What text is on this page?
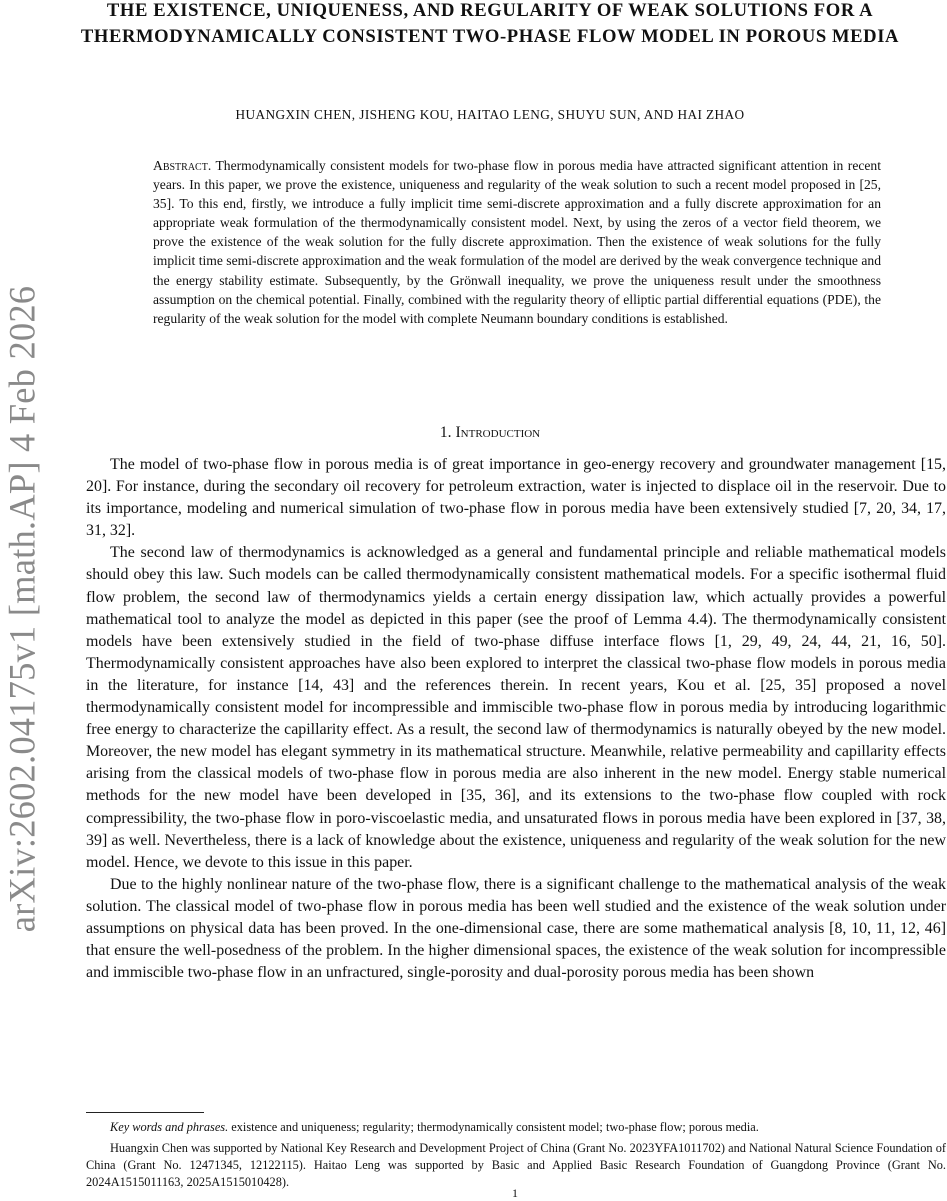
arXiv:2602.04175v1 [math.AP] 4 Feb 2026
THE EXISTENCE, UNIQUENESS, AND REGULARITY OF WEAK SOLUTIONS FOR A THERMODYNAMICALLY CONSISTENT TWO-PHASE FLOW MODEL IN POROUS MEDIA
HUANGXIN CHEN, JISHENG KOU, HAITAO LENG, SHUYU SUN, AND HAI ZHAO

Abstract. Thermodynamically consistent models for two-phase flow in porous media have attracted significant attention in recent years. In this paper, we prove the existence, uniqueness and regularity of the weak solution to such a recent model proposed in [25, 35]. To this end, firstly, we introduce a fully implicit time semi-discrete approximation and a fully discrete approximation for an appropriate weak formulation of the thermodynamically consistent model. Next, by using the zeros of a vector field theorem, we prove the existence of the weak solution for the fully discrete approximation. Then the existence of weak solutions for the fully implicit time semi-discrete approximation and the weak formulation of the model are derived by the weak convergence technique and the energy stability estimate. Subsequently, by the Grönwall inequality, we prove the uniqueness result under the smoothness assumption on the chemical potential. Finally, combined with the regularity theory of elliptic partial differential equations (PDE), the regularity of the weak solution for the model with complete Neumann boundary conditions is established.

1. Introduction

The model of two-phase flow in porous media is of great importance in geo-energy recovery and groundwater management [15, 20]. For instance, during the secondary oil recovery for petroleum extraction, water is injected to displace oil in the reservoir. Due to its importance, modeling and numerical simulation of two-phase flow in porous media have been extensively studied [7, 20, 34, 17, 31, 32].

The second law of thermodynamics is acknowledged as a general and fundamental principle and reliable mathematical models should obey this law. Such models can be called thermodynamically consistent mathematical models. For a specific isothermal fluid flow problem, the second law of thermodynamics yields a certain energy dissipation law, which actually provides a powerful mathematical tool to analyze the model as depicted in this paper (see the proof of Lemma 4.4). The thermodynamically consistent models have been extensively studied in the field of two-phase diffuse interface flows [1, 29, 49, 24, 44, 21, 16, 50]. Thermodynamically consistent approaches have also been explored to interpret the classical two-phase flow models in porous media in the literature, for instance [14, 43] and the references therein. In recent years, Kou et al. [25, 35] proposed a novel thermodynamically consistent model for incompressible and immiscible two-phase flow in porous media by introducing logarithmic free energy to characterize the capillarity effect. As a result, the second law of thermodynamics is naturally obeyed by the new model. Moreover, the new model has elegant symmetry in its mathematical structure. Meanwhile, relative permeability and capillarity effects arising from the classical models of two-phase flow in porous media are also inherent in the new model. Energy stable numerical methods for the new model have been developed in [35, 36], and its extensions to the two-phase flow coupled with rock compressibility, the two-phase flow in poro-viscoelastic media, and unsaturated flows in porous media have been explored in [37, 38, 39] as well. Nevertheless, there is a lack of knowledge about the existence, uniqueness and regularity of the weak solution for the new model. Hence, we devote to this issue in this paper.

Due to the highly nonlinear nature of the two-phase flow, there is a significant challenge to the mathematical analysis of the weak solution. The classical model of two-phase flow in porous media has been well studied and the existence of the weak solution under assumptions on physical data has been proved. In the one-dimensional case, there are some mathematical analysis [8, 10, 11, 12, 46] that ensure the well-posedness of the problem. In the higher dimensional spaces, the existence of the weak solution for incompressible and immiscible two-phase flow in an unfractured, single-porosity and dual-porosity porous media has been shown

Key words and phrases. existence and uniqueness; regularity; thermodynamically consistent model; two-phase flow; porous media.

Huangxin Chen was supported by National Key Research and Development Project of China (Grant No. 2023YFA1011702) and National Natural Science Foundation of China (Grant No. 12471345, 12122115). Haitao Leng was supported by Basic and Applied Basic Research Foundation of Guangdong Province (Grant No. 2024A1515011163, 2025A1515010428).

1
